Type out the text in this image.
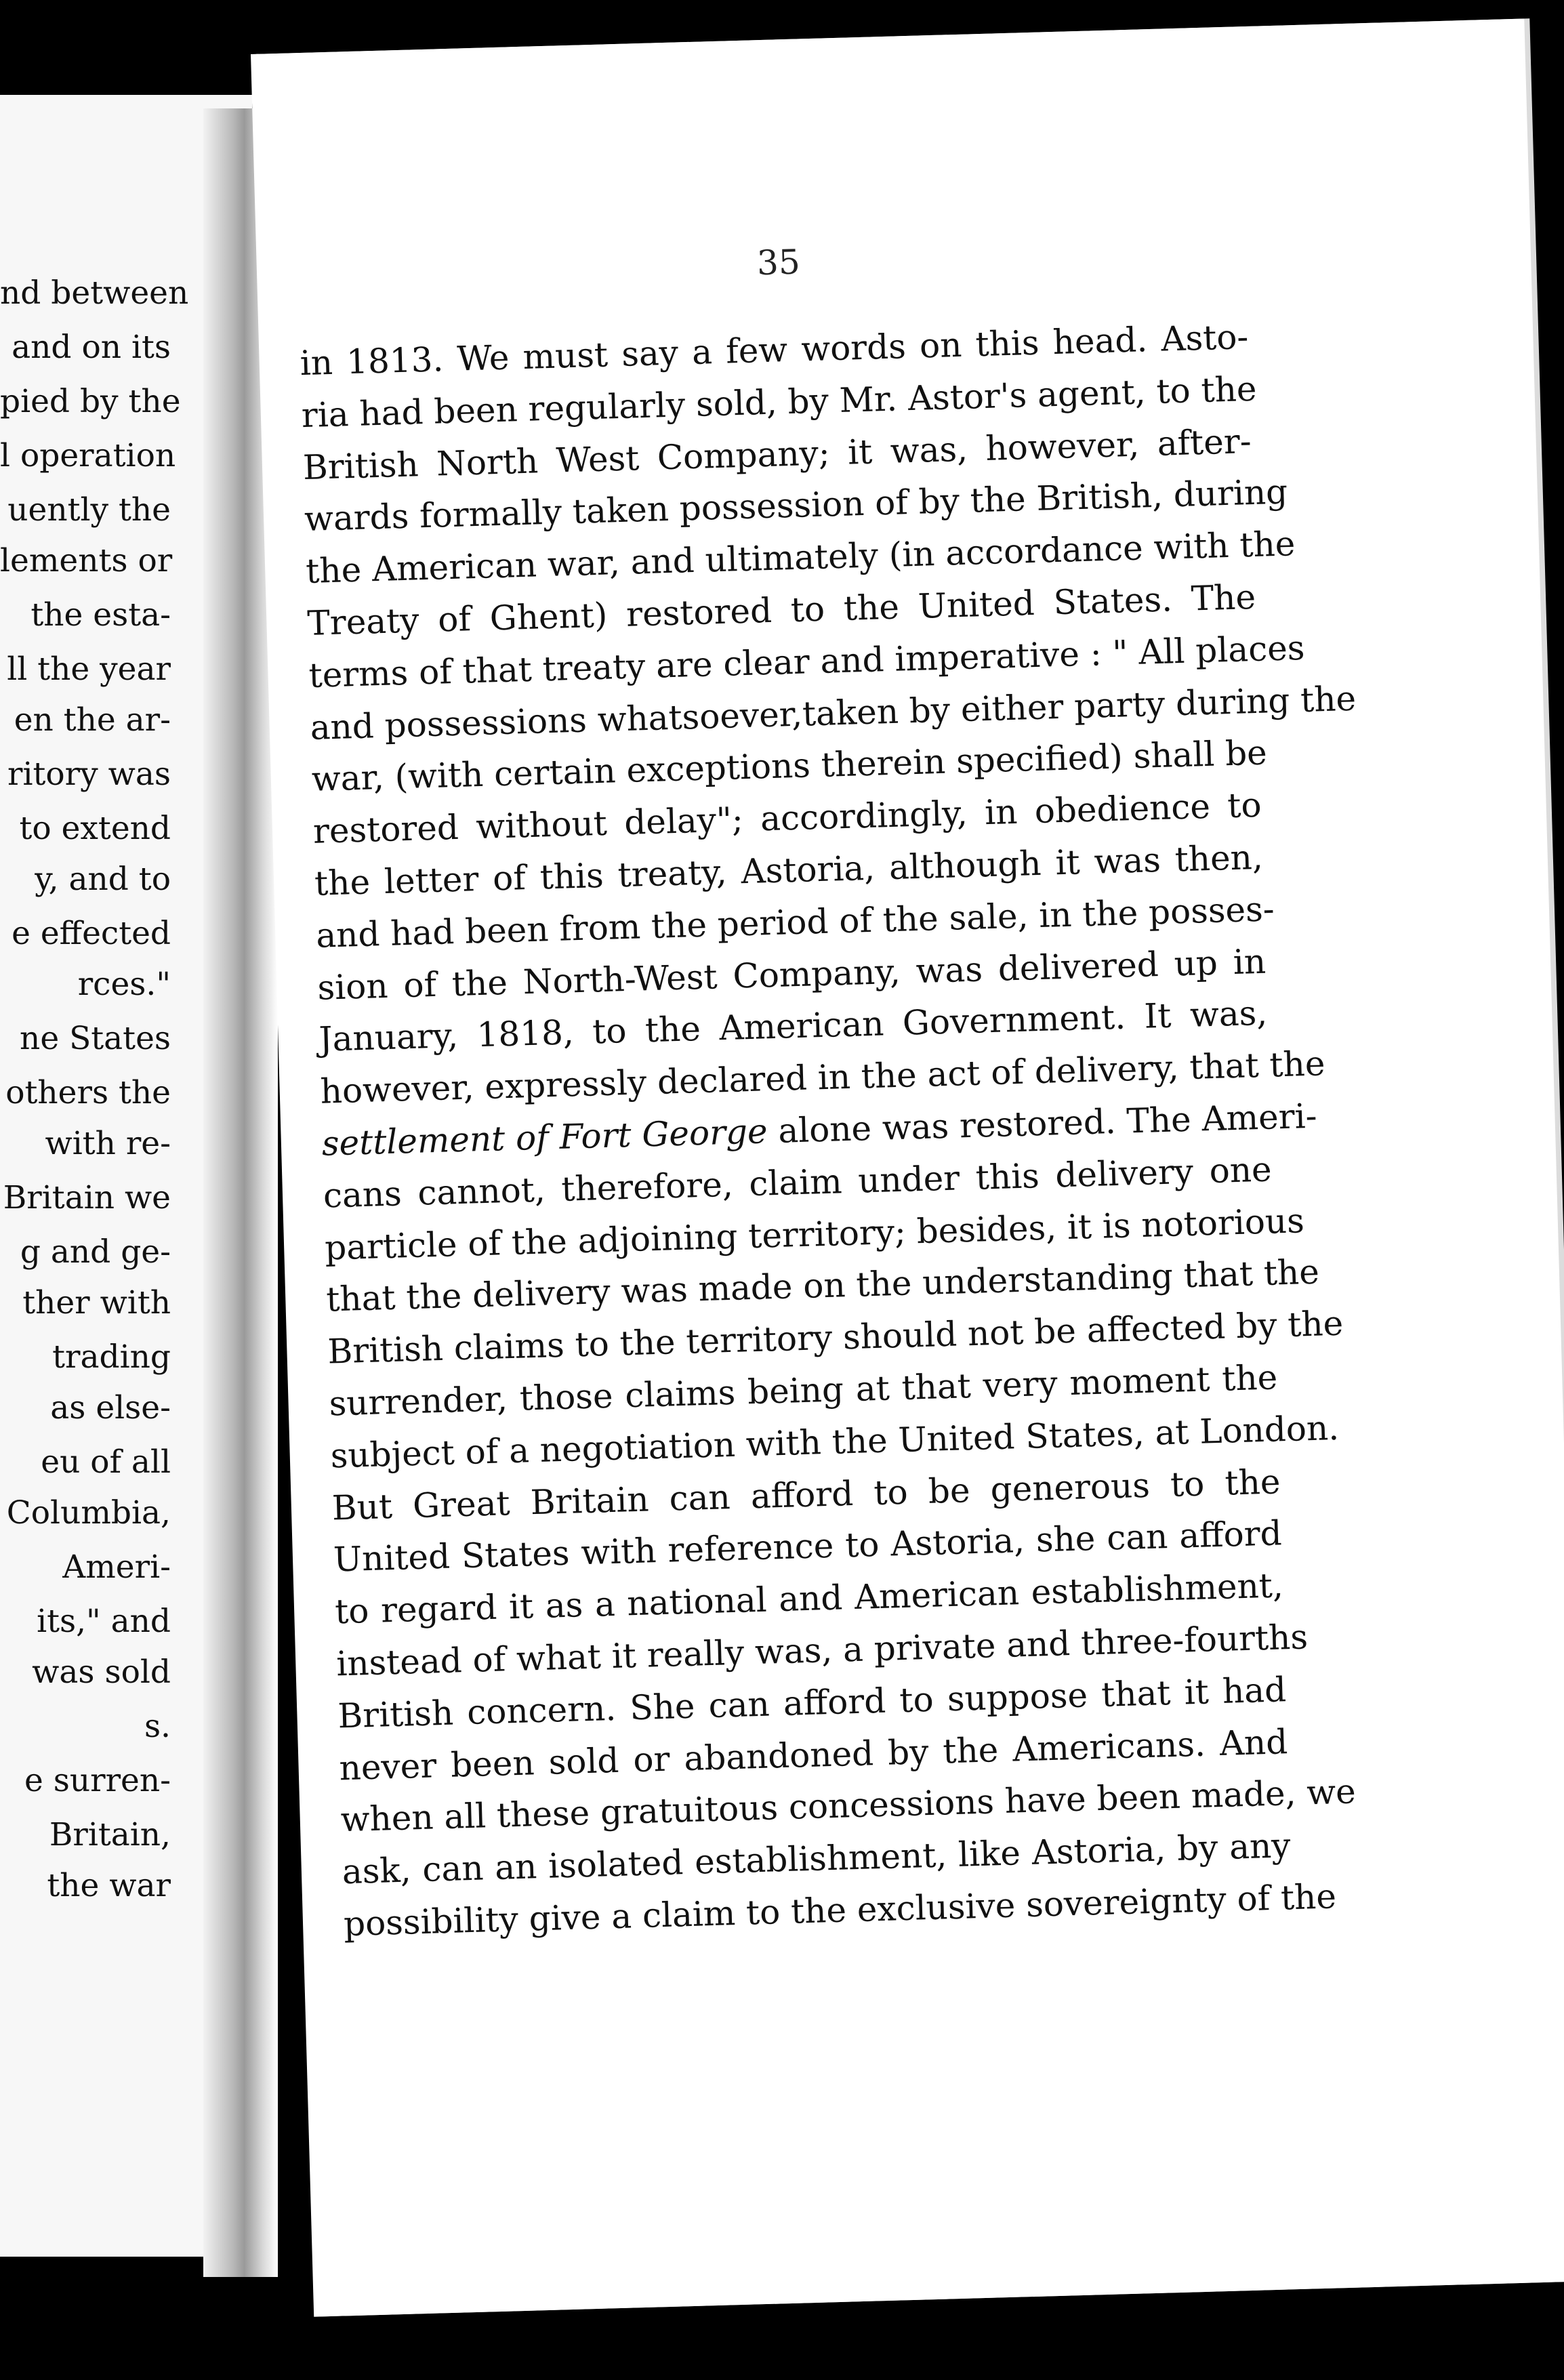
nd between
and on its
pied by the
l operation
uently the
lements or
the esta-
ll the year
en the ar-
ritory was
to extend
y, and to
e effected
rces."
ne States
others the
with re-
Britain we
g and ge-
ther with
trading
as else-
eu of all
Columbia,
Ameri-
its," and
was sold
s.
e surren-
Britain,
the war
35
in 1813. We must say a few words on this head. Asto-
ria had been regularly sold, by Mr. Astor's agent, to the
British North West Company; it was, however, after-
wards formally taken possession of by the British, during
the American war, and ultimately (in accordance with the
Treaty of Ghent) restored to the United States. The
terms of that treaty are clear and imperative : " All places
and possessions whatsoever,taken by either party during the
war, (with certain exceptions therein specified) shall be
restored without delay"; accordingly, in obedience to
the letter of this treaty, Astoria, although it was then,
and had been from the period of the sale, in the posses-
sion of the North-West Company, was delivered up in
January, 1818, to the American Government. It was,
however, expressly declared in the act of delivery, that the
settlement of Fort George alone was restored. The Ameri-
cans cannot, therefore, claim under this delivery one
particle of the adjoining territory; besides, it is notorious
that the delivery was made on the understanding that the
British claims to the territory should not be affected by the
surrender, those claims being at that very moment the
subject of a negotiation with the United States, at London.
But Great Britain can afford to be generous to the
United States with reference to Astoria, she can afford
to regard it as a national and American establishment,
instead of what it really was, a private and three-fourths
British concern. She can afford to suppose that it had
never been sold or abandoned by the Americans. And
when all these gratuitous concessions have been made, we
ask, can an isolated establishment, like Astoria, by any
possibility give a claim to the exclusive sovereignty of the
